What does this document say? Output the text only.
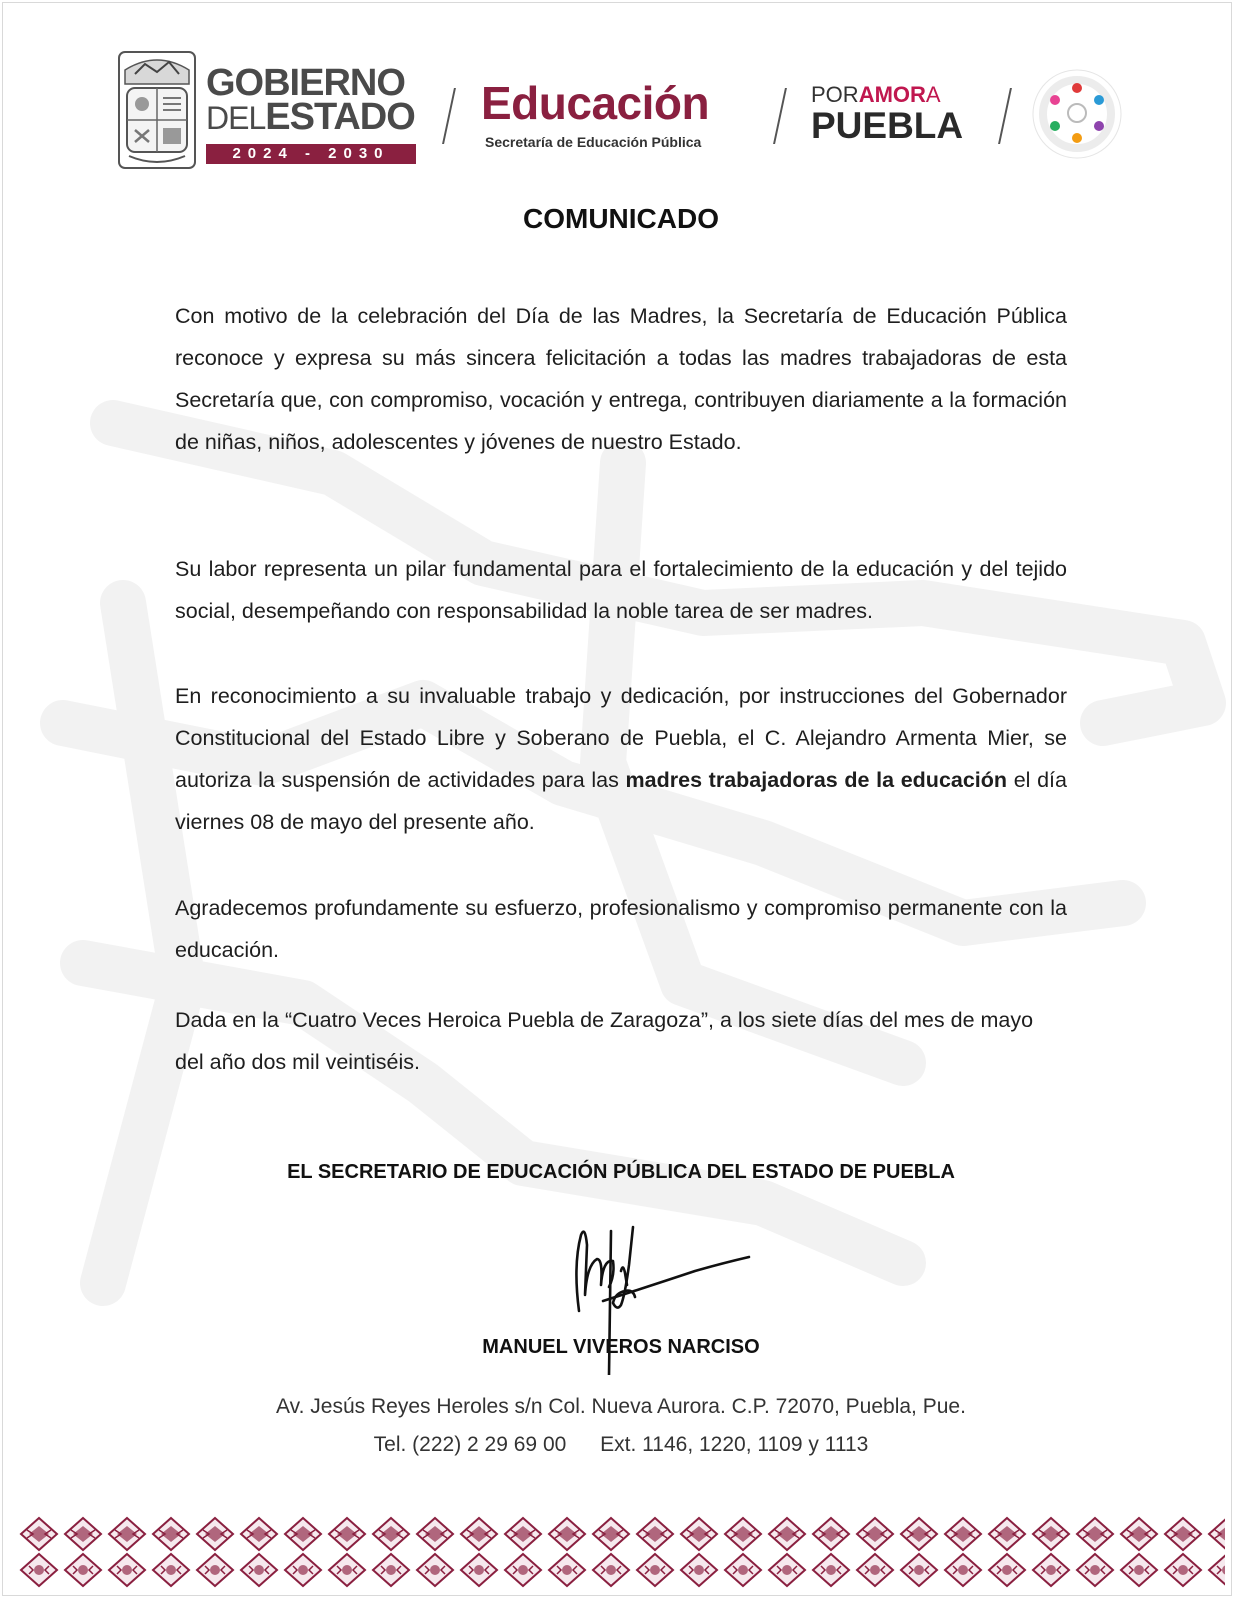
GOBIERNO
DELESTADO
2024 - 2030
Educación
Secretaría de Educación Pública
PORAMORA
PUEBLA
COMUNICADO

Con motivo de la celebración del Día de las Madres, la Secretaría de Educación Pública reconoce y expresa su más sincera felicitación a todas las madres trabajadoras de esta Secretaría que, con compromiso, vocación y entrega, contribuyen diariamente a la formación de niñas, niños, adolescentes y jóvenes de nuestro Estado.

Su labor representa un pilar fundamental para el fortalecimiento de la educación y del tejido social, desempeñando con responsabilidad la noble tarea de ser madres.

En reconocimiento a su invaluable trabajo y dedicación, por instrucciones del Gobernador Constitucional del Estado Libre y Soberano de Puebla, el C. Alejandro Armenta Mier, se autoriza la suspensión de actividades para las madres trabajadoras de la educación el día viernes 08 de mayo del presente año.

Agradecemos profundamente su esfuerzo, profesionalismo y compromiso permanente con la educación.

Dada en la “Cuatro Veces Heroica Puebla de Zaragoza”, a los siete días del mes de mayo del año dos mil veintiséis.

EL SECRETARIO DE EDUCACIÓN PÚBLICA DEL ESTADO DE PUEBLA
MANUEL VIVEROS NARCISO
Av. Jesús Reyes Heroles s/n Col. Nueva Aurora. C.P. 72070, Puebla, Pue.
Tel. (222) 2 29 69 00 Ext. 1146, 1220, 1109 y 1113
